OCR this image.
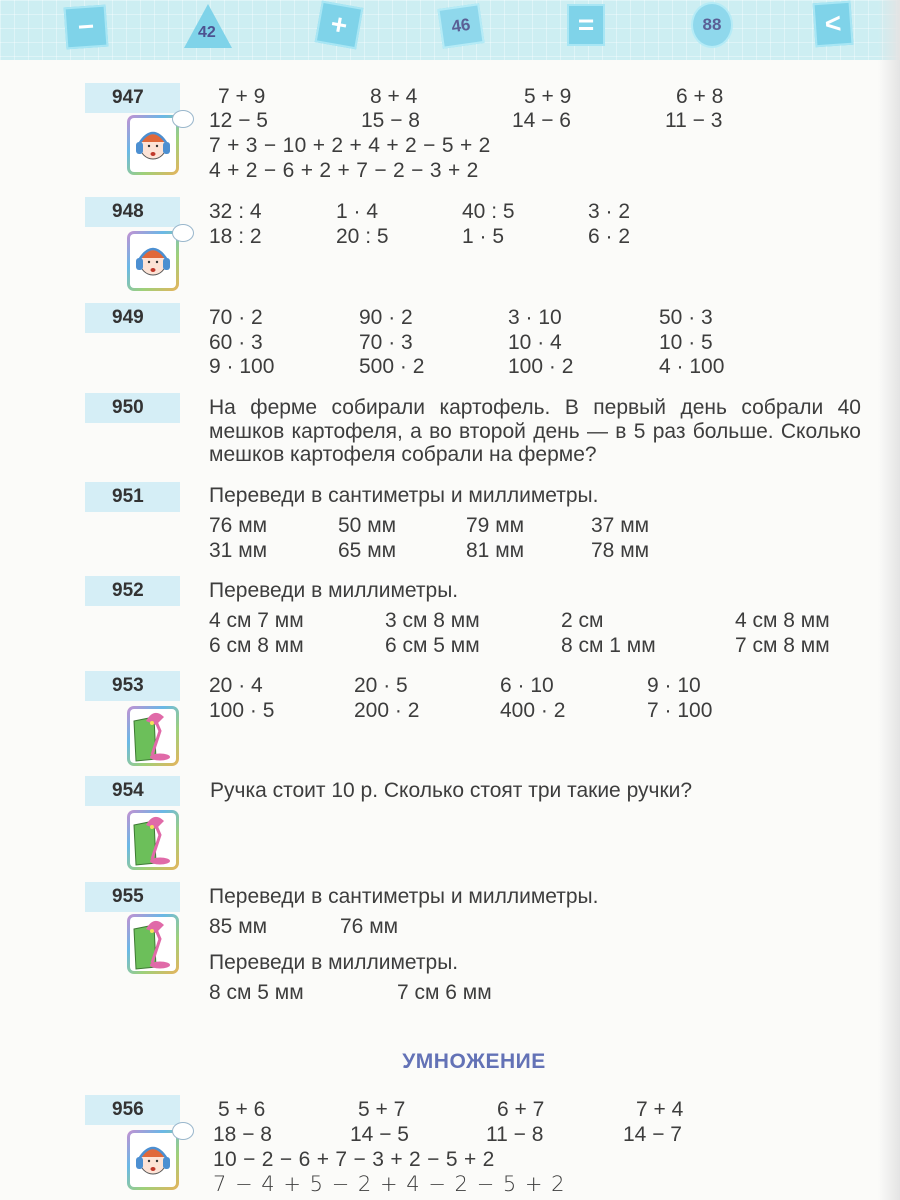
−	42	+	46	=	88	<
947	7 + 9	8 + 4	5 + 9	6 + 8
12 − 5	15 − 8	14 − 6	11 − 3
7 + 3 − 10 + 2 + 4 + 2 − 5 + 2
4 + 2 − 6 + 2 + 7 − 2 − 3 + 2
948	32 : 4	1 · 4	40 : 5	3 · 2
18 : 2	20 : 5	1 · 5	6 · 2
949	70 · 2	90 · 2	3 · 10	50 · 3
60 · 3	70 · 3	10 · 4	10 · 5
9 · 100	500 · 2	100 · 2	4 · 100
950	На ферме собирали картофель. В первый день собрали 40 мешков картофеля, а во второй день — в 5 раз больше. Сколько мешков картофеля собрали на ферме?
951	Переведи в сантиметры и миллиметры.
76 мм	50 мм	79 мм	37 мм
31 мм	65 мм	81 мм	78 мм
952	Переведи в миллиметры.
4 см 7 мм	3 см 8 мм	2 см	4 см 8 мм
6 см 8 мм	6 см 5 мм	8 см 1 мм	7 см 8 мм
953	20 · 4	20 · 5	6 · 10	9 · 10
100 · 5	200 · 2	400 · 2	7 · 100
954	Ручка стоит 10 р. Сколько стоят три такие ручки?
955	Переведи в сантиметры и миллиметры.
85 мм	76 мм
Переведи в миллиметры.
8 см 5 мм	7 см 6 мм
УМНОЖЕНИЕ
956	5 + 6	5 + 7	6 + 7	7 + 4
18 − 8	14 − 5	11 − 8	14 − 7
10 − 2 − 6 + 7 − 3 + 2 − 5 + 2
7 − 4 + 5 − 2 + 4 − 2 − 5 + 2
